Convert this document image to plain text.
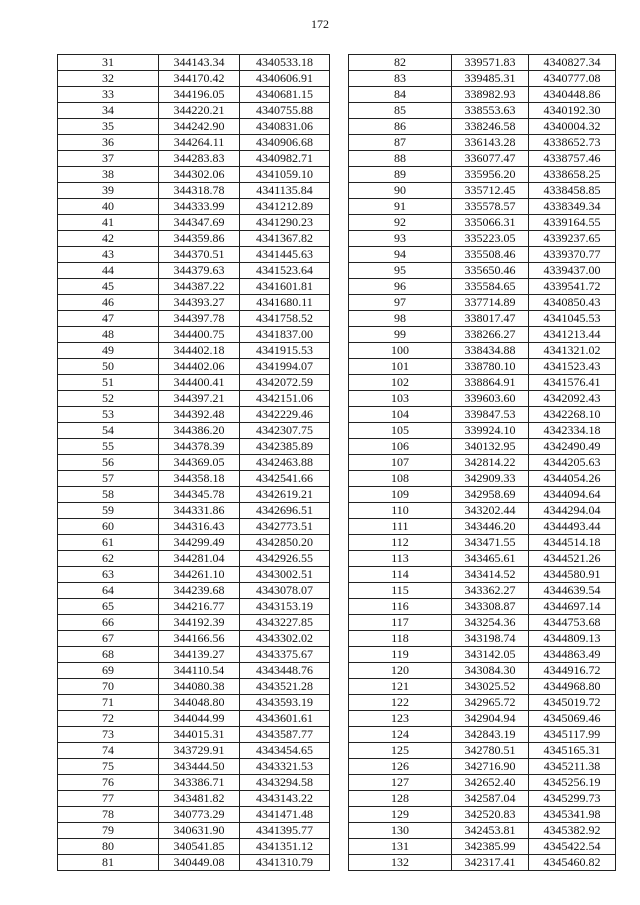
172
31	344143.34	4340533.18
32	344170.42	4340606.91
33	344196.05	4340681.15
34	344220.21	4340755.88
35	344242.90	4340831.06
36	344264.11	4340906.68
37	344283.83	4340982.71
38	344302.06	4341059.10
39	344318.78	4341135.84
40	344333.99	4341212.89
41	344347.69	4341290.23
42	344359.86	4341367.82
43	344370.51	4341445.63
44	344379.63	4341523.64
45	344387.22	4341601.81
46	344393.27	4341680.11
47	344397.78	4341758.52
48	344400.75	4341837.00
49	344402.18	4341915.53
50	344402.06	4341994.07
51	344400.41	4342072.59
52	344397.21	4342151.06
53	344392.48	4342229.46
54	344386.20	4342307.75
55	344378.39	4342385.89
56	344369.05	4342463.88
57	344358.18	4342541.66
58	344345.78	4342619.21
59	344331.86	4342696.51
60	344316.43	4342773.51
61	344299.49	4342850.20
62	344281.04	4342926.55
63	344261.10	4343002.51
64	344239.68	4343078.07
65	344216.77	4343153.19
66	344192.39	4343227.85
67	344166.56	4343302.02
68	344139.27	4343375.67
69	344110.54	4343448.76
70	344080.38	4343521.28
71	344048.80	4343593.19
72	344044.99	4343601.61
73	344015.31	4343587.77
74	343729.91	4343454.65
75	343444.50	4343321.53
76	343386.71	4343294.58
77	343481.82	4343143.22
78	340773.29	4341471.48
79	340631.90	4341395.77
80	340541.85	4341351.12
81	340449.08	4341310.79
82	339571.83	4340827.34
83	339485.31	4340777.08
84	338982.93	4340448.86
85	338553.63	4340192.30
86	338246.58	4340004.32
87	336143.28	4338652.73
88	336077.47	4338757.46
89	335956.20	4338658.25
90	335712.45	4338458.85
91	335578.57	4338349.34
92	335066.31	4339164.55
93	335223.05	4339237.65
94	335508.46	4339370.77
95	335650.46	4339437.00
96	335584.65	4339541.72
97	337714.89	4340850.43
98	338017.47	4341045.53
99	338266.27	4341213.44
100	338434.88	4341321.02
101	338780.10	4341523.43
102	338864.91	4341576.41
103	339603.60	4342092.43
104	339847.53	4342268.10
105	339924.10	4342334.18
106	340132.95	4342490.49
107	342814.22	4344205.63
108	342909.33	4344054.26
109	342958.69	4344094.64
110	343202.44	4344294.04
111	343446.20	4344493.44
112	343471.55	4344514.18
113	343465.61	4344521.26
114	343414.52	4344580.91
115	343362.27	4344639.54
116	343308.87	4344697.14
117	343254.36	4344753.68
118	343198.74	4344809.13
119	343142.05	4344863.49
120	343084.30	4344916.72
121	343025.52	4344968.80
122	342965.72	4345019.72
123	342904.94	4345069.46
124	342843.19	4345117.99
125	342780.51	4345165.31
126	342716.90	4345211.38
127	342652.40	4345256.19
128	342587.04	4345299.73
129	342520.83	4345341.98
130	342453.81	4345382.92
131	342385.99	4345422.54
132	342317.41	4345460.82
